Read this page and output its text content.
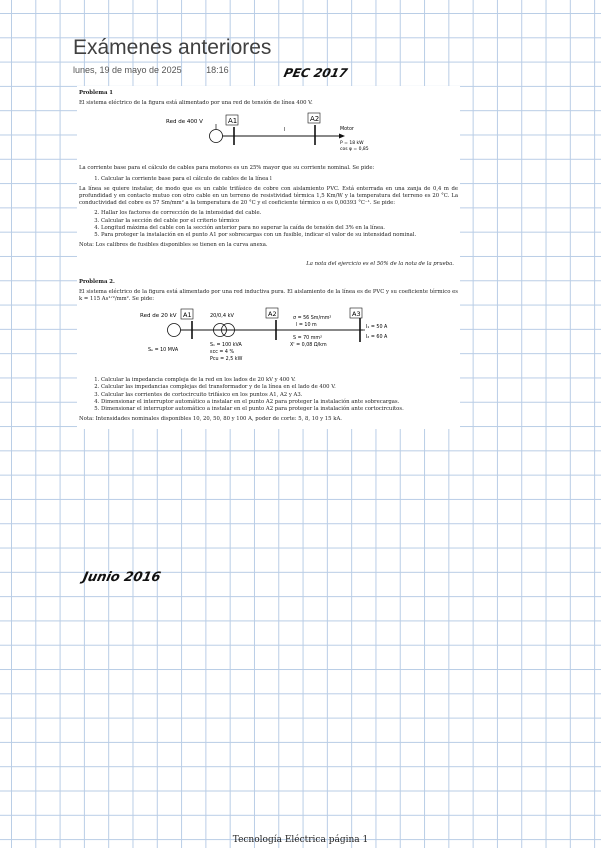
Exámenes anteriores
lunes, 19 de mayo de 2025	18:16	PEC 2017

Problema 1

El sistema eléctrico de la figura está alimentado por una red de tensión de línea 400 V.

Red de 400 V	A1
l
A2
Motor
P = 18 kW
cos φ = 0,85

La corriente base para el cálculo de cables para motores es un 25% mayor que su corriente nominal. Se pide:

1. Calcular la corriente base para el cálculo de cables de la línea l

La línea se quiere instalar, de modo que es un cable trifásico de cobre con aislamiento PVC. Está enterrada en una zanja de 0,4 m de profundidad y en contacto mutuo con otro cable en un terreno de resistividad térmica 1,5 Km/W y la temperatura del terreno es 20 °C. La conductividad del cobre es 57 Sm/mm² a la temperatura de 20 °C y el coeficiente térmico α es 0,00393 °C⁻¹. Se pide:

2. Hallar los factores de corrección de la intensidad del cable.
3. Calcular la sección del cable por el criterio térmico
4. Longitud máxima del cable con la sección anterior para no superar la caída de tensión del 3% en la línea.
5. Para proteger la instalación en el punto A1 por sobrecargas con un fusible, indicar el valor de su intensidad nominal.

Nota: Los calibres de fusibles disponibles se tienen en la curva anexa.

La nota del ejercicio es el 50% de la nota de la prueba.

Problema 2.

El sistema eléctrico de la figura está alimentado por una red inductiva pura. El aislamiento de la línea es de PVC y su coeficiente térmico es k = 115 As¹ᐟ²/mm². Se pide:

Red de 20 kV A1	20/0,4 kV	A2	A3
σ = 56 Sm/mm²
l = 10 m
S = 70 mm²
X' = 0,08 Ω/km
I₁ = 50 A
I₂ = 60 A
Sₑ = 10 MVA
Sₙ = 100 kVA
εcc = 4 %
Pcu = 2,5 kW
1. Calcular la impedancia compleja de la red en los lados de 20 kV y 400 V.
2. Calcular las impedancias complejas del transformador y de la línea en el lado de 400 V.
3. Calcular las corrientes de cortocircuito trifásico en los puntos A1, A2 y A3.
4. Dimensionar el interruptor automático a instalar en el punto A2 para proteger la instalación ante sobrecargas.
5. Dimensionar el interruptor automático a instalar en el punto A2 para proteger la instalación ante cortocircuitos.

Nota: Intensidades nominales disponibles 10, 20, 50, 80 y 100 A, poder de corte: 5, 8, 10 y 15 kA.

Junio 2016
Tecnología Eléctrica página 1
